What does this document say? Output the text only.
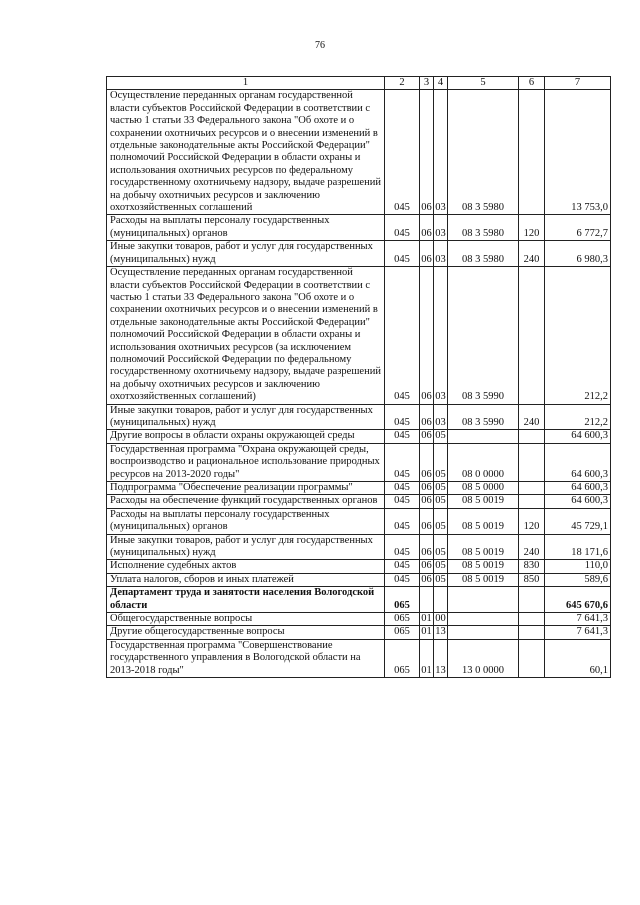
76
1	2	3	4	5	6	7
Осуществление переданных органам государственной власти субъектов Российской Федерации в соответствии с частью 1 статьи 33 Федерального закона "Об охоте и о сохранении охотничьих ресурсов и о внесении изменений в отдельные законодательные акты Российской Федерации" полномочий Российской Федерации в области охраны и использования охотничьих ресурсов по федеральному государственному охотничьему надзору, выдаче разрешений на добычу охотничьих ресурсов и заключению охотхозяйственных соглашений	045	06	03	08 3 5980		13 753,0
Расходы на выплаты персоналу государственных (муниципальных) органов	045	06	03	08 3 5980	120	6 772,7
Иные закупки товаров, работ и услуг для государственных (муниципальных) нужд	045	06	03	08 3 5980	240	6 980,3
Осуществление переданных органам государственной власти субъектов Российской Федерации в соответствии с частью 1 статьи 33 Федерального закона "Об охоте и о сохранении охотничьих ресурсов и о внесении изменений в отдельные законодательные акты Российской Федерации" полномочий Российской Федерации в области охраны и использования охотничьих ресурсов (за исключением полномочий Российской Федерации по федеральному государственному охотничьему надзору, выдаче разрешений на добычу охотничьих ресурсов и заключению охотхозяйственных соглашений)	045	06	03	08 3 5990		212,2
Иные закупки товаров, работ и услуг для государственных (муниципальных) нужд	045	06	03	08 3 5990	240	212,2
Другие вопросы в области охраны окружающей среды	045	06	05			64 600,3
Государственная программа "Охрана окружающей среды, воспроизводство и рациональное использование природных ресурсов на 2013-2020 годы"	045	06	05	08 0 0000		64 600,3
Подпрограмма "Обеспечение реализации программы"	045	06	05	08 5 0000		64 600,3
Расходы на обеспечение функций государственных органов	045	06	05	08 5 0019		64 600,3
Расходы на выплаты персоналу государственных (муниципальных) органов	045	06	05	08 5 0019	120	45 729,1
Иные закупки товаров, работ и услуг для государственных (муниципальных) нужд	045	06	05	08 5 0019	240	18 171,6
Исполнение судебных актов	045	06	05	08 5 0019	830	110,0
Уплата налогов, сборов и иных платежей	045	06	05	08 5 0019	850	589,6
Департамент труда и занятости населения Вологодской области	065					645 670,6
Общегосударственные вопросы	065	01	00			7 641,3
Другие общегосударственные вопросы	065	01	13			7 641,3
Государственная программа "Совершенствование государственного управления в Вологодской области на 2013-2018 годы"	065	01	13	13 0 0000		60,1
